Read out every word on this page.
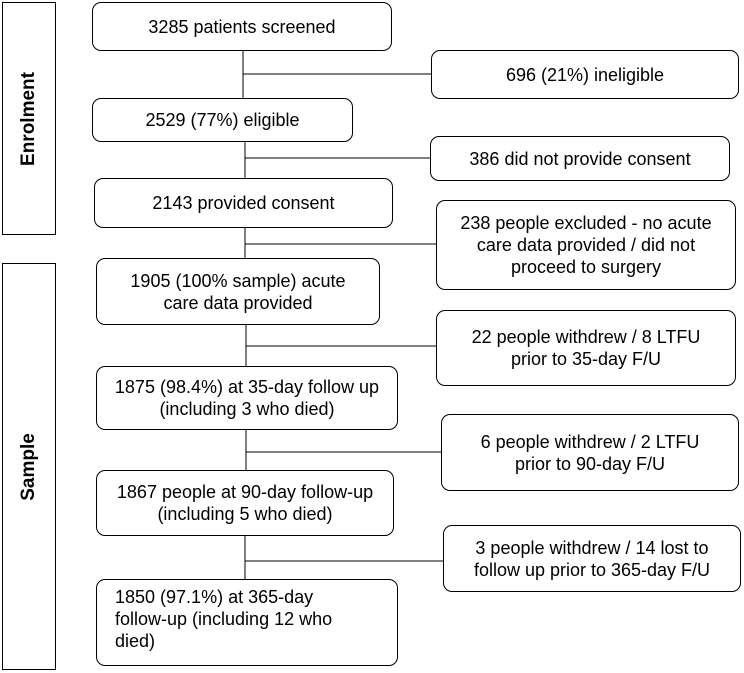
Enrolment
Sample
3285 patients screened
2529 (77%) eligible
2143 provided consent
1905 (100% sample) acute care data provided
1875 (98.4%) at 35-day follow up (including 3 who died)
1867 people at 90-day follow-up (including 5 who died)
1850 (97.1%) at 365-day follow-up (including 12 who died)
696 (21%) ineligible
386 did not provide consent
238 people excluded - no acute care data provided / did not proceed to surgery
22 people withdrew / 8 LTFU prior to 35-day F/U
6 people withdrew / 2 LTFU prior to 90-day F/U
3 people withdrew / 14 lost to follow up prior to 365-day F/U
